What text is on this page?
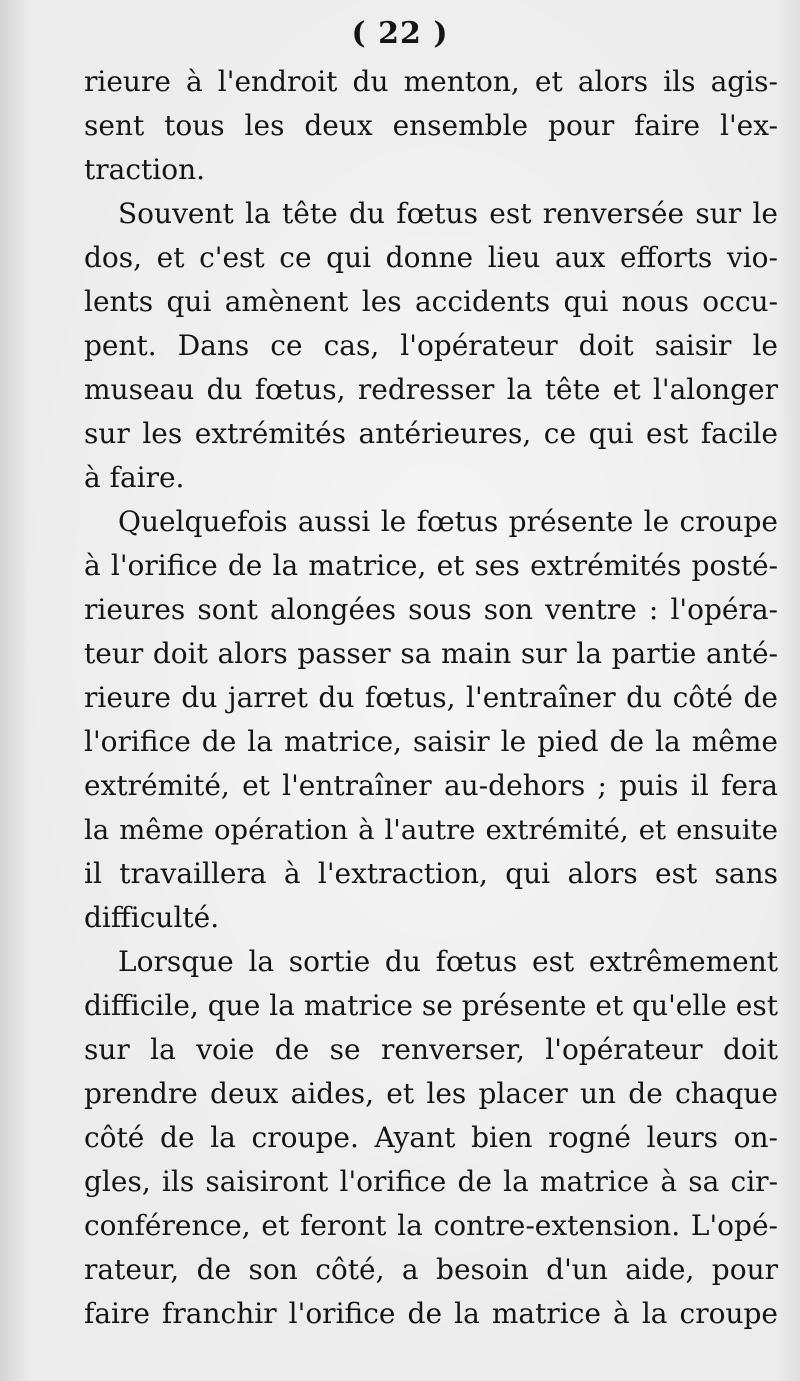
( 22 )
rieure à l'endroit du menton, et alors ils agis-
sent tous les deux ensemble pour faire l'ex-
traction.
Souvent la tête du fœtus est renversée sur le
dos, et c'est ce qui donne lieu aux efforts vio-
lents qui amènent les accidents qui nous occu-
pent. Dans ce cas, l'opérateur doit saisir le
museau du fœtus, redresser la tête et l'alonger
sur les extrémités antérieures, ce qui est facile
à faire.
Quelquefois aussi le fœtus présente le croupe
à l'orifice de la matrice, et ses extrémités posté-
rieures sont alongées sous son ventre : l'opéra-
teur doit alors passer sa main sur la partie anté-
rieure du jarret du fœtus, l'entraîner du côté de
l'orifice de la matrice, saisir le pied de la même
extrémité, et l'entraîner au-dehors ; puis il fera
la même opération à l'autre extrémité, et ensuite
il travaillera à l'extraction, qui alors est sans
difficulté.
Lorsque la sortie du fœtus est extrêmement
difficile, que la matrice se présente et qu'elle est
sur la voie de se renverser, l'opérateur doit
prendre deux aides, et les placer un de chaque
côté de la croupe. Ayant bien rogné leurs on-
gles, ils saisiront l'orifice de la matrice à sa cir-
conférence, et feront la contre-extension. L'opé-
rateur, de son côté, a besoin d'un aide, pour
faire franchir l'orifice de la matrice à la croupe
